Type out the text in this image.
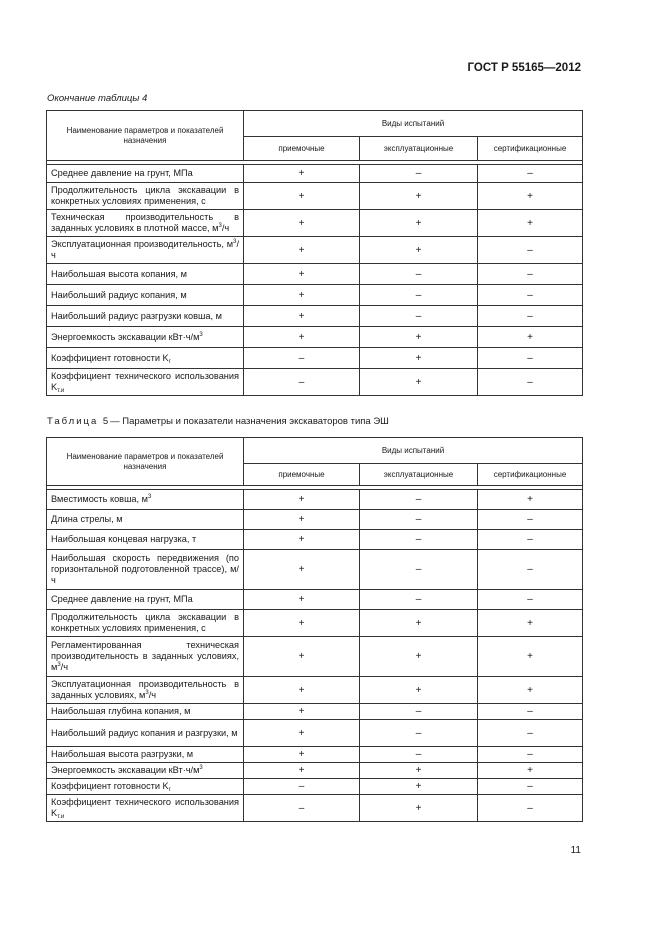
ГОСТ Р 55165—2012
Окончание таблицы 4
Наименование параметров и показателей назначения	Виды испытаний		
	приемочные	эксплуатационные	сертификационные

Среднее давление на грунт, МПа	+	–	–
Продолжительность цикла экскавации в конкретных условиях применения, с	+	+	+
Техническая производительность в заданных условиях в плотной массе, $м^3/ч$	+	+	+
Эксплуатационная производительность, $м^3/ч$	+	+	–
Наибольшая высота копания, м	+	–	–
Наибольший радиус копания, м	+	–	–
Наибольший радиус разгрузки ковша, м	+	–	–
Энергоемкость экскавации $кВт\cdot ч/м^3$	+	+	+
Коэффициент готовности $K_г$	–	+	–
Коэффициент технического использования $K_{т.и}$	–	+	–
Таблица 5— Параметры и показатели назначения экскаваторов типа ЭШ
Наименование параметров и показателей назначения	Виды испытаний		
	приемочные	эксплуатационные	сертификационные

Вместимость ковша, $м^3$	+	–	+
Длина стрелы, м	+	–	–
Наибольшая концевая нагрузка, т	+	–	–
Наибольшая скорость передвижения (по горизонтальной подготовленной трассе), м/ч	+	–	–
Среднее давление на грунт, МПа	+	–	–
Продолжительность цикла экскавации в конкретных условиях применения, с	+	+	+
Регламентированная техническая производительность в заданных условиях, $м^3/ч$	+	+	+
Эксплуатационная производительность в заданных условиях, $м^3/ч$	+	+	+
Наибольшая глубина копания, м	+	–	–
Наибольший радиус копания и разгрузки, м	+	–	–
Наибольшая высота разгрузки, м	+	–	–
Энергоемкость экскавации $кВт\cdot ч/м^3$	+	+	+
Коэффициент готовности $K_г$	–	+	–
Коэффициент технического использования $K_{т.и}$	–	+	–
11
